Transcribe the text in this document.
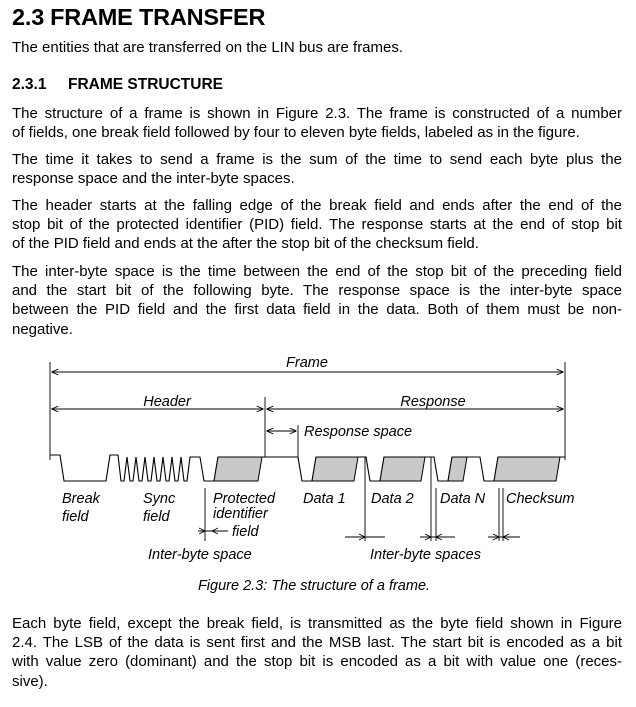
2.3 FRAME TRANSFER
The entities that are transferred on the LIN bus are frames.
2.3.1 FRAME STRUCTURE
The structure of a frame is shown in Figure 2.3. The frame is constructed of a number
of fields, one break field followed by four to eleven byte fields, labeled as in the figure.
The time it takes to send a frame is the sum of the time to send each byte plus the
response space and the inter-byte spaces.
The header starts at the falling edge of the break field and ends after the end of the
stop bit of the protected identifier (PID) field. The response starts at the end of stop bit
of the PID field and ends at the after the stop bit of the checksum field.
The inter-byte space is the time between the end of the stop bit of the preceding field
and the start bit of the following byte. The response space is the inter-byte space
between the PID field and the first data field in the data. Both of them must be non-
negative.
Frame
Header	Response
Response space
Break
field
Sync
field
Protected
identifier
field
Data 1 Data 2 Data N Checksum
Inter-byte space	Inter-byte spaces
Figure 2.3: The structure of a frame.
Each byte field, except the break field, is transmitted as the byte field shown in Figure
2.4. The LSB of the data is sent first and the MSB last. The start bit is encoded as a bit
with value zero (dominant) and the stop bit is encoded as a bit with value one (reces-
sive).
